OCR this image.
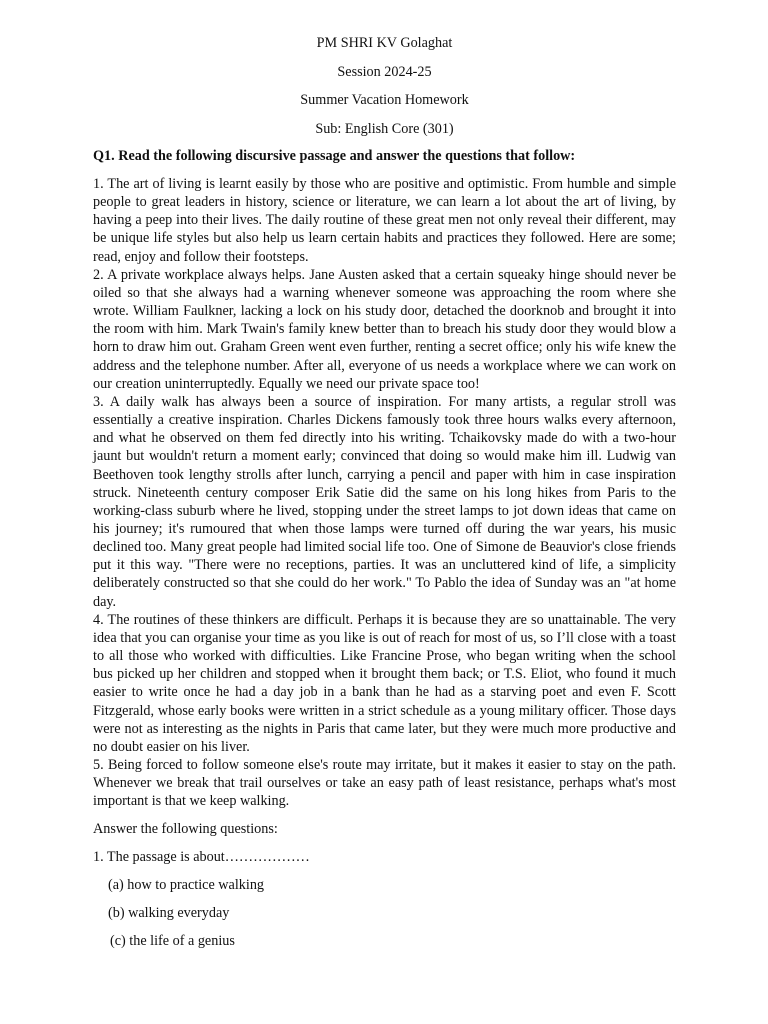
PM SHRI KV Golaghat
Session 2024-25
Summer Vacation Homework
Sub: English Core (301)
Q1. Read the following discursive passage and answer the questions that follow:

1. The art of living is learnt easily by those who are positive and optimistic. From humble and simple people to great leaders in history, science or literature, we can learn a lot about the art of living, by having a peep into their lives. The daily routine of these great men not only reveal their different, may be unique life styles but also help us learn certain habits and practices they followed. Here are some; read, enjoy and follow their footsteps.

2. A private workplace always helps. Jane Austen asked that a certain squeaky hinge should never be oiled so that she always had a warning whenever someone was approaching the room where she wrote. William Faulkner, lacking a lock on his study door, detached the doorknob and brought it into the room with him. Mark Twain's family knew better than to breach his study door they would blow a horn to draw him out. Graham Green went even further, renting a secret office; only his wife knew the address and the telephone number. After all, everyone of us needs a workplace where we can work on our creation uninterruptedly. Equally we need our private space too!

3. A daily walk has always been a source of inspiration. For many artists, a regular stroll was essentially a creative inspiration. Charles Dickens famously took three hours walks every afternoon, and what he observed on them fed directly into his writing. Tchaikovsky made do with a two-hour jaunt but wouldn't return a moment early; convinced that doing so would make him ill. Ludwig van Beethoven took lengthy strolls after lunch, carrying a pencil and paper with him in case inspiration struck. Nineteenth century composer Erik Satie did the same on his long hikes from Paris to the working-class suburb where he lived, stopping under the street lamps to jot down ideas that came on his journey; it's rumoured that when those lamps were turned off during the war years, his music declined too. Many great people had limited social life too. One of Simone de Beauvior's close friends put it this way. "There were no receptions, parties. It was an uncluttered kind of life, a simplicity deliberately constructed so that she could do her work." To Pablo the idea of Sunday was an "at home day.

4. The routines of these thinkers are difficult. Perhaps it is because they are so unattainable. The very idea that you can organise your time as you like is out of reach for most of us, so I’ll close with a toast to all those who worked with difficulties. Like Francine Prose, who began writing when the school bus picked up her children and stopped when it brought them back; or T.S. Eliot, who found it much easier to write once he had a day job in a bank than he had as a starving poet and even F. Scott Fitzgerald, whose early books were written in a strict schedule as a young military officer. Those days were not as interesting as the nights in Paris that came later, but they were much more productive and no doubt easier on his liver.

5. Being forced to follow someone else's route may irritate, but it makes it easier to stay on the path. Whenever we break that trail ourselves or take an easy path of least resistance, perhaps what's most important is that we keep walking.

Answer the following questions:
1. The passage is about………………
(a) how to practice walking
(b) walking everyday
(c) the life of a genius
